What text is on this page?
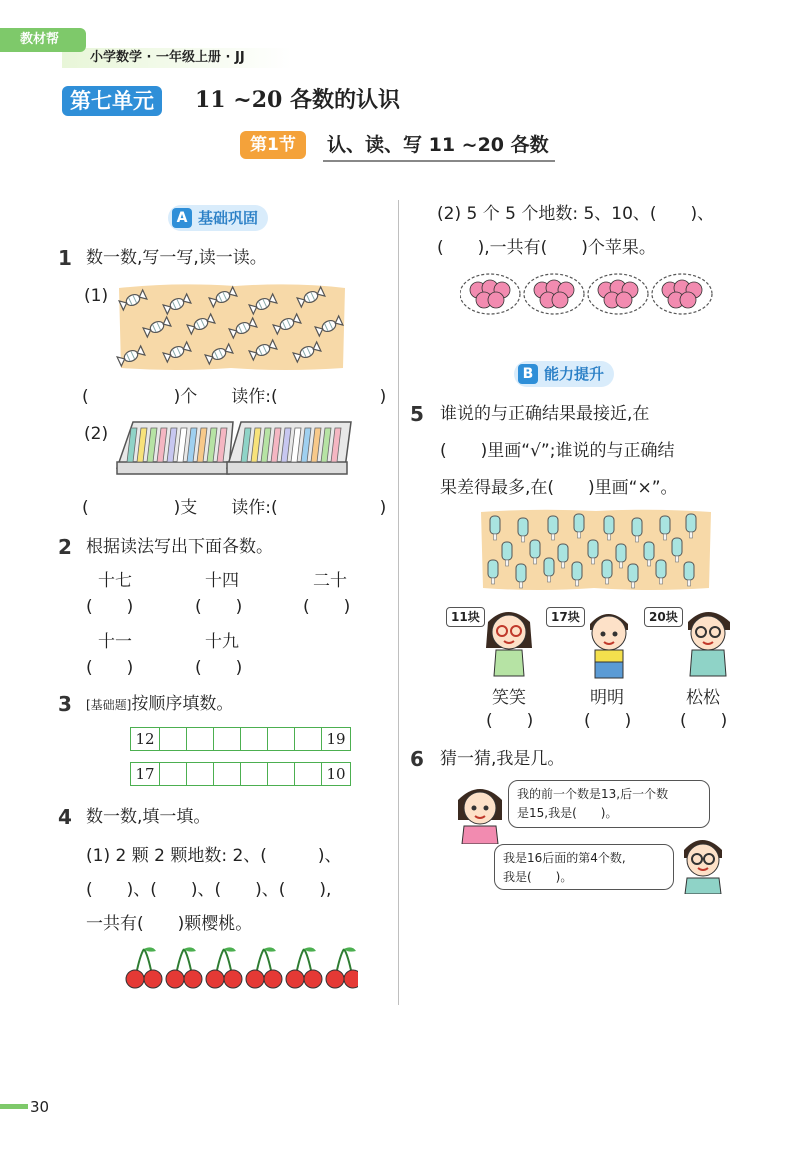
教材帮
小学数学 · 一年级上册 · JJ
第七单元	11 ~20 各数的认识
第1节	认、读、写 11 ~20 各数
A 基础巩固
1 数一数,写一写,读一读。
(1)
(　　　　　)个　　读作:(　　　　　　)
(2)
(　　　　　)支　　读作:(　　　　　　)
2 根据读法写出下面各数。
十七	十四	二十
(　　)	(　　)	(　　)
十一	十九
(　　)	(　　)
3 [基础题]按顺序填数。
12							19
17							10
4 数一数,填一填。
(1) 2 颗 2 颗地数: 2、(　　　)、
(　　)、(　　)、(　　)、(　　),
一共有(　　)颗樱桃。
(2) 5 个 5 个地数: 5、10、(　　)、
(　　),一共有(　　)个苹果。
B 能力提升
5 谁说的与正确结果最接近,在
(　　)里画“√”;谁说的与正确结
果差得最多,在(　　)里画“×”。
11块	17块	20块
笑笑	明明	松松
(　　)	(　　)	(　　)
6 猜一猜,我是几。
我的前一个数是13,后一个数
是15,我是(　　)。
我是16后面的第4个数,
我是(　　)。
30
